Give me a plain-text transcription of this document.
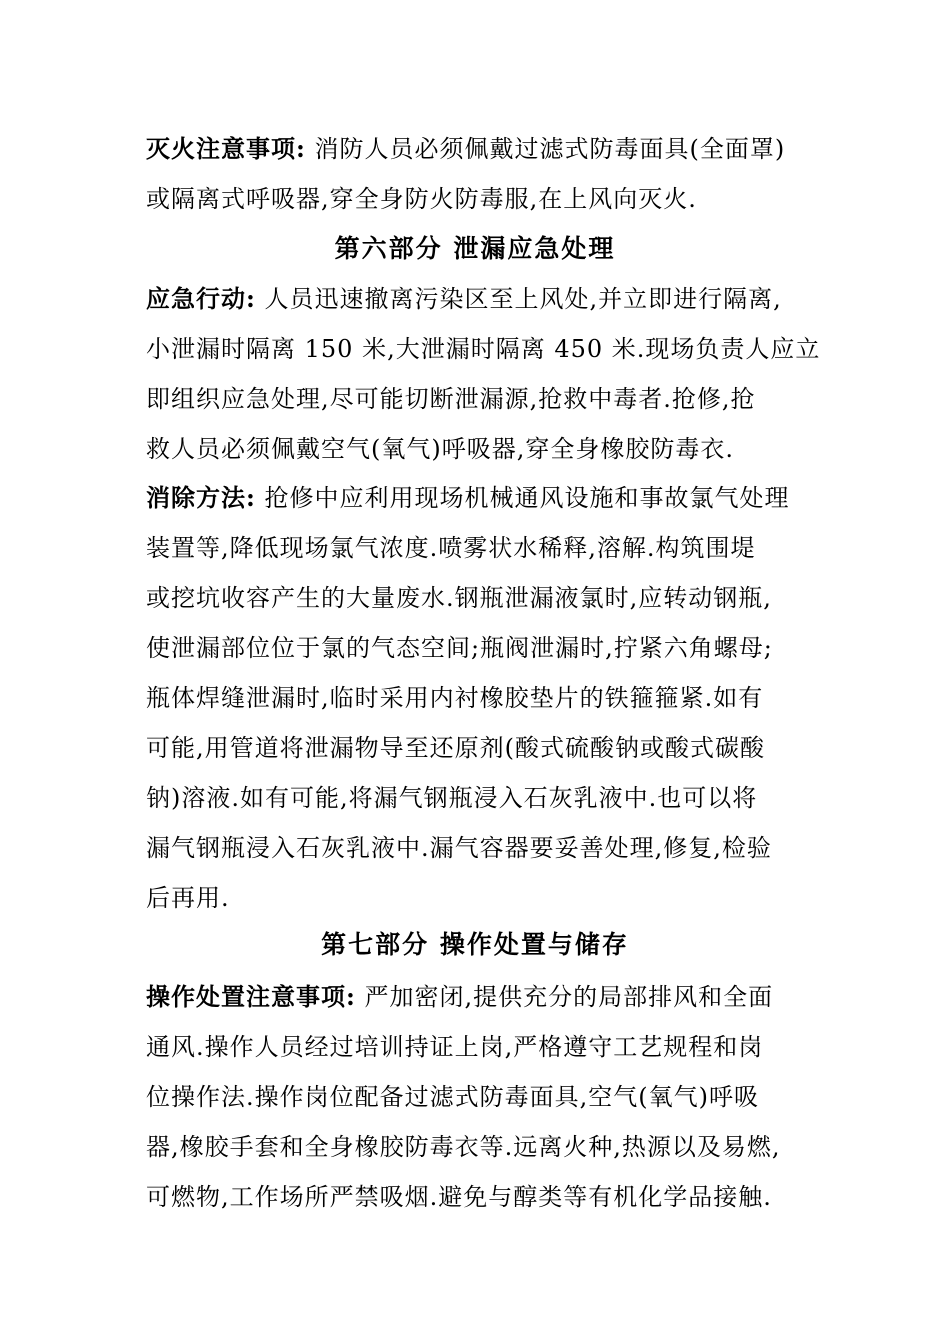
灭火注意事项: 消防人员必须佩戴过滤式防毒面具(全面罩)
或隔离式呼吸器,穿全身防火防毒服,在上风向灭火.
第六部分 泄漏应急处理
应急行动: 人员迅速撤离污染区至上风处,并立即进行隔离,
小泄漏时隔离 150 米,大泄漏时隔离 450 米.现场负责人应立
即组织应急处理,尽可能切断泄漏源,抢救中毒者.抢修,抢
救人员必须佩戴空气(氧气)呼吸器,穿全身橡胶防毒衣.
消除方法: 抢修中应利用现场机械通风设施和事故氯气处理
装置等,降低现场氯气浓度.喷雾状水稀释,溶解.构筑围堤
或挖坑收容产生的大量废水.钢瓶泄漏液氯时,应转动钢瓶,
使泄漏部位位于氯的气态空间;瓶阀泄漏时,拧紧六角螺母;
瓶体焊缝泄漏时,临时采用内衬橡胶垫片的铁箍箍紧.如有
可能,用管道将泄漏物导至还原剂(酸式硫酸钠或酸式碳酸
钠)溶液.如有可能,将漏气钢瓶浸入石灰乳液中.也可以将
漏气钢瓶浸入石灰乳液中.漏气容器要妥善处理,修复,检验
后再用.
第七部分 操作处置与储存
操作处置注意事项: 严加密闭,提供充分的局部排风和全面
通风.操作人员经过培训持证上岗,严格遵守工艺规程和岗
位操作法.操作岗位配备过滤式防毒面具,空气(氧气)呼吸
器,橡胶手套和全身橡胶防毒衣等.远离火种,热源以及易燃,
可燃物,工作场所严禁吸烟.避免与醇类等有机化学品接触.
